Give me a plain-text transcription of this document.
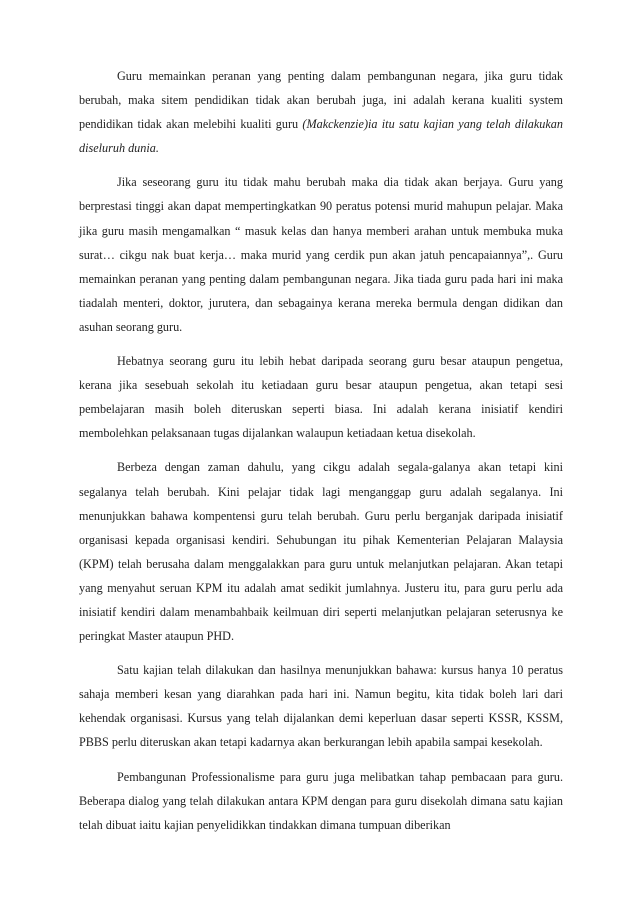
Guru memainkan peranan yang penting dalam pembangunan negara, jika guru tidak berubah, maka sitem pendidikan tidak akan berubah juga, ini adalah kerana kualiti system pendidikan tidak akan melebihi kualiti guru (Makckenzie)ia itu satu kajian yang telah dilakukan diseluruh dunia.

Jika seseorang guru itu tidak mahu berubah maka dia tidak akan berjaya. Guru yang berprestasi tinggi akan dapat mempertingkatkan 90 peratus potensi murid mahupun pelajar. Maka jika guru masih mengamalkan “ masuk kelas dan hanya memberi arahan untuk membuka muka surat… cikgu nak buat kerja… maka murid yang cerdik pun akan jatuh pencapaiannya”,. Guru memainkan peranan yang penting dalam pembangunan negara. Jika tiada guru pada hari ini maka tiadalah menteri, doktor, jurutera, dan sebagainya kerana mereka bermula dengan didikan dan asuhan seorang guru.

Hebatnya seorang guru itu lebih hebat daripada seorang guru besar ataupun pengetua, kerana jika sesebuah sekolah itu ketiadaan guru besar ataupun pengetua, akan tetapi sesi pembelajaran masih boleh diteruskan seperti biasa. Ini adalah kerana inisiatif kendiri membolehkan pelaksanaan tugas dijalankan walaupun ketiadaan ketua disekolah.

Berbeza dengan zaman dahulu, yang cikgu adalah segala-galanya akan tetapi kini segalanya telah berubah. Kini pelajar tidak lagi menganggap guru adalah segalanya. Ini menunjukkan bahawa kompentensi guru telah berubah. Guru perlu berganjak daripada inisiatif organisasi kepada organisasi kendiri. Sehubungan itu pihak Kementerian Pelajaran Malaysia (KPM) telah berusaha dalam menggalakkan para guru untuk melanjutkan pelajaran. Akan tetapi yang menyahut seruan KPM itu adalah amat sedikit jumlahnya. Justeru itu, para guru perlu ada inisiatif kendiri dalam menambahbaik keilmuan diri seperti melanjutkan pelajaran seterusnya ke peringkat Master ataupun PHD.

Satu kajian telah dilakukan dan hasilnya menunjukkan bahawa: kursus hanya 10 peratus sahaja memberi kesan yang diarahkan pada hari ini. Namun begitu, kita tidak boleh lari dari kehendak organisasi. Kursus yang telah dijalankan demi keperluan dasar seperti KSSR, KSSM, PBBS perlu diteruskan akan tetapi kadarnya akan berkurangan lebih apabila sampai kesekolah.

Pembangunan Professionalisme para guru juga melibatkan tahap pembacaan para guru. Beberapa dialog yang telah dilakukan antara KPM dengan para guru disekolah dimana satu kajian telah dibuat iaitu kajian penyelidikkan tindakkan dimana tumpuan diberikan
